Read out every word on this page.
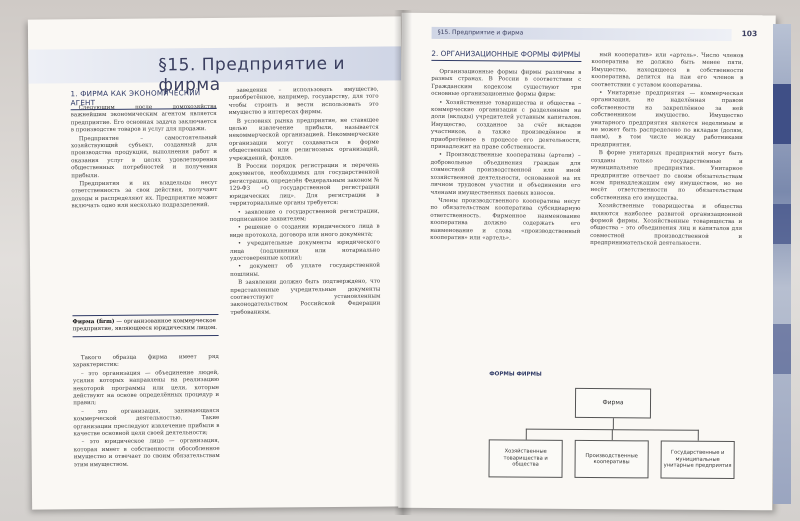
§15. Предприятие и фирма
1. ФИРМА КАК ЭКОНОМИЧЕСКИЙ АГЕНТ

Следующим после домохозяйства важнейшим экономическим агентом является предприятие. Его основная задача заключается в производстве товаров и услуг для продажи.

Предприятие – самостоятельный хозяйствующий субъект, созданный для производства продукции, выполнения работ и оказания услуг в целях удовлетворения общественных потребностей и получения прибыли.

Предприятия и их владельцы несут ответственность за свои действия, получают доходы и распределяют их. Предприятие может включать одно или несколько подразделений.

Фирма (firm) — организованное коммерческое предприятие, являющееся юридическим лицом.

Такого образца фирма имеет ряд характеристик:

– это организация — объединение людей, усилия которых направлены на реализацию некоторой программы или цели, которые действуют на основе определённых процедур и правил;

– это организация, занимающаяся коммерческой деятельностью. Такие организации преследуют извлечение прибыли в качестве основной цели своей деятельности;

– это юридическое лицо — организация, которая имеет в собственности обособленное имущество и отвечает по своим обязательствам этим имуществом.

заведения – использовать имущество, приобретённое, например, государству, для того чтобы строить и вести использовать это имущество в интересах фирмы.

В условиях рынка предприятие, не ставящее целью извлечение прибыли, называется некоммерческой организацией. Некоммерческие организации могут создаваться в форме общественных или религиозных организаций, учреждений, фондов.

В России порядок регистрации и перечень документов, необходимых для государственной регистрации, определён Федеральным законом № 129-ФЗ «О государственной регистрации юридических лиц». Для регистрации в территориальные органы требуется:

• заявление о государственной регистрации, подписанное заявителем;

• решение о создании юридического лица в виде протокола, договора или иного документа;

• учредительные документы юридического лица (подлинники или нотариально удостоверенные копии);

• документ об уплате государственной пошлины.

В заявлении должно быть подтверждено, что представленные учредительные документы соответствуют установленным законодательством Российской Федерации требованиям.

§15. Предприятие и фирма	103
2. ОРГАНИЗАЦИОННЫЕ ФОРМЫ ФИРМЫ

Организационные формы фирмы различны в разных странах. В России в соответствии с Гражданским кодексом существуют три основные организационные формы фирм:

• Хозяйственные товарищества и общества – коммерческие организации с разделенным на доли (вклады) учредителей уставным капиталом. Имущество, созданное за счёт вкладов участников, а также произведённое и приобретённое в процессе его деятельности, принадлежит на праве собственности.

• Производственные кооперативы (артели) – добровольные объединения граждан для совместной производственной или иной хозяйственной деятельности, основанной на их личном трудовом участии и объединении его членами имущественных паевых взносов.

Члены производственного кооператива несут по обязательствам кооператива субсидиарную ответственность. Фирменное наименование кооператива должно содержать его наименование и слова «производственный кооператив» или «артель».

ный кооператив» или «артель». Число членов кооператива не должно быть менее пяти. Имущество, находящееся в собственности кооператива, делится на паи его членов в соответствии с уставом кооператива.

• Унитарные предприятия — коммерческая организация, не наделённая правом собственности на закреплённое за ней собственником имущество. Имущество унитарного предприятия является неделимым и не может быть распределено по вкладам (долям, паям), в том числе между работниками предприятия.

В форме унитарных предприятий могут быть созданы только государственные и муниципальные предприятия. Унитарное предприятие отвечает по своим обязательствам всем принадлежащим ему имуществом, но не несёт ответственности по обязательствам собственника его имущества.

Хозяйственные товарищества и общества являются наиболее развитой организационной формой фирмы. Хозяйственные товарищества и общества – это объединения лиц и капиталов для совместной производственной и предпринимательской деятельности.

ФОРМЫ ФИРМЫ
Фирма
Хозяйственные товарищества и общества
Производственные кооперативы
Государственные и муниципальные унитарные предприятия
